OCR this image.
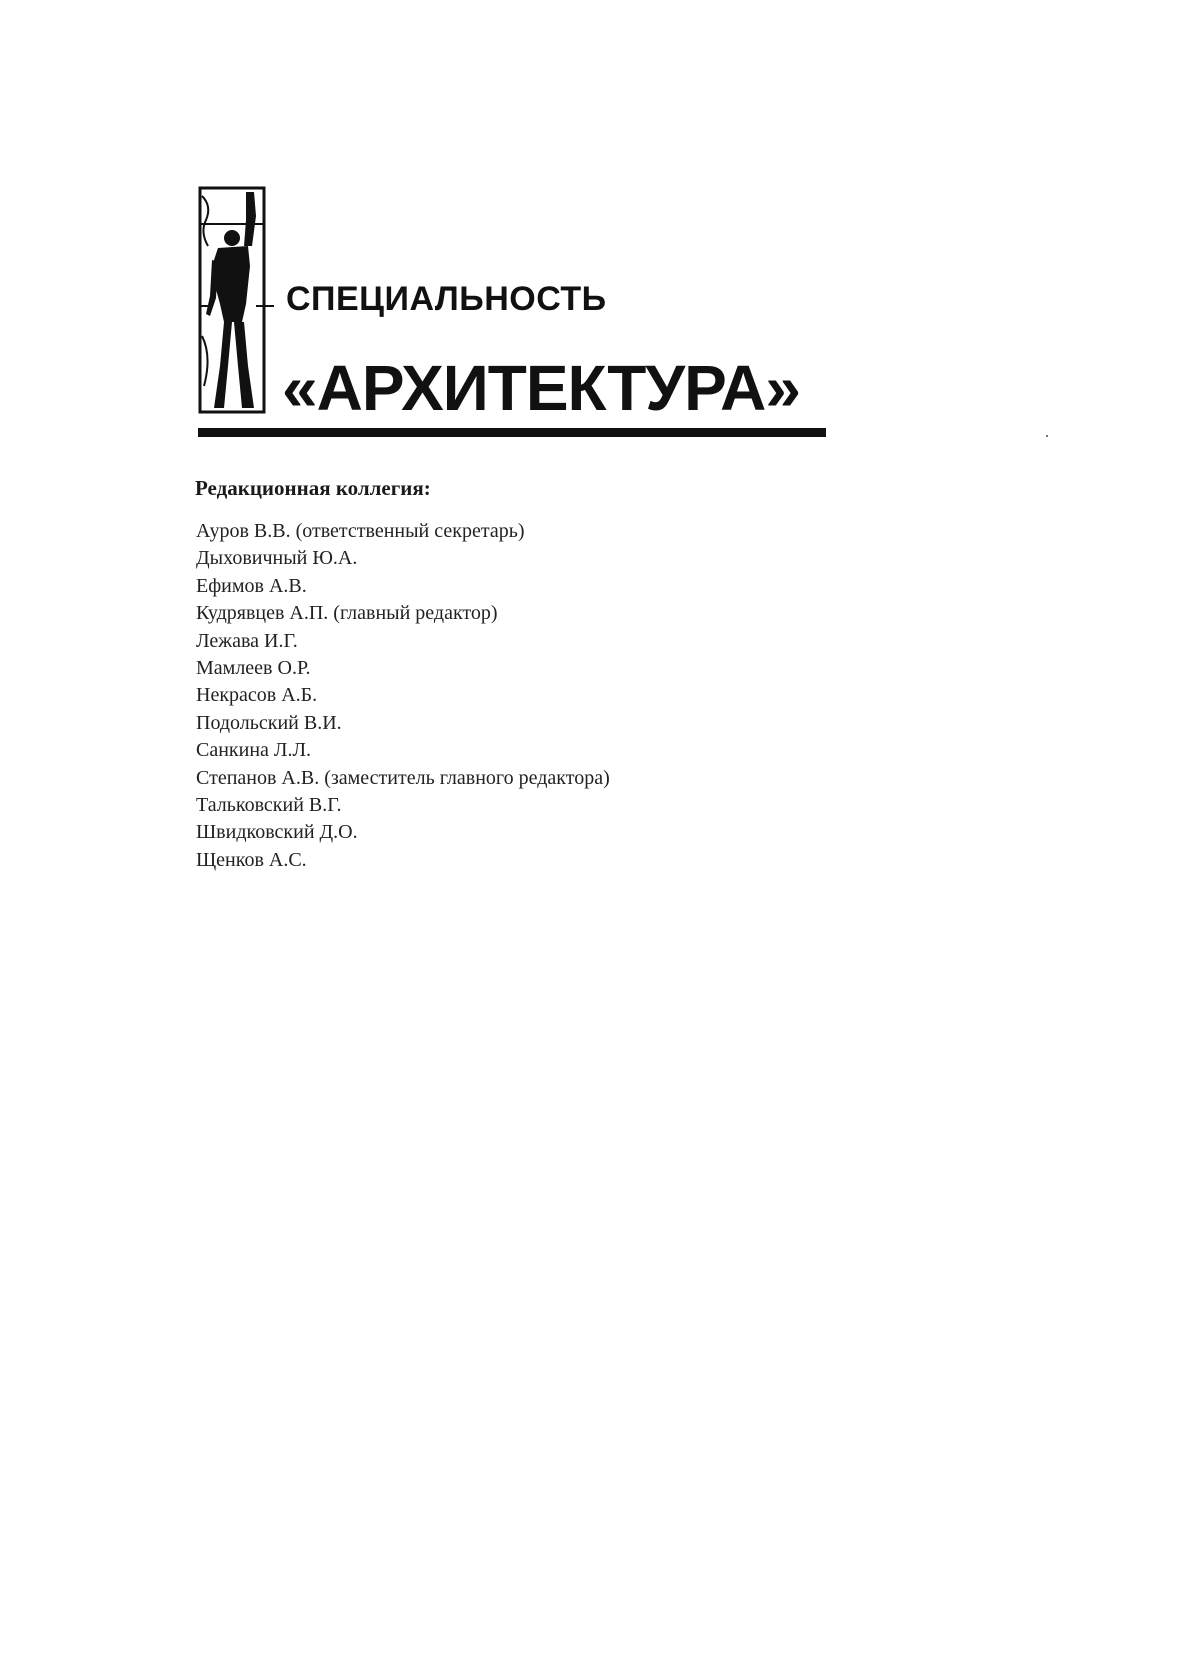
СПЕЦИАЛЬНОСТЬ
«АРХИТЕКТУРА»
Редакционная коллегия:
Ауров В.В. (ответственный секретарь)
Дыховичный Ю.А.
Ефимов А.В.
Кудрявцев А.П. (главный редактор)
Лежава И.Г.
Мамлеев О.Р.
Некрасов А.Б.
Подольский В.И.
Санкина Л.Л.
Степанов А.В. (заместитель главного редактора)
Тальковский В.Г.
Швидковский Д.О.
Щенков А.С.
